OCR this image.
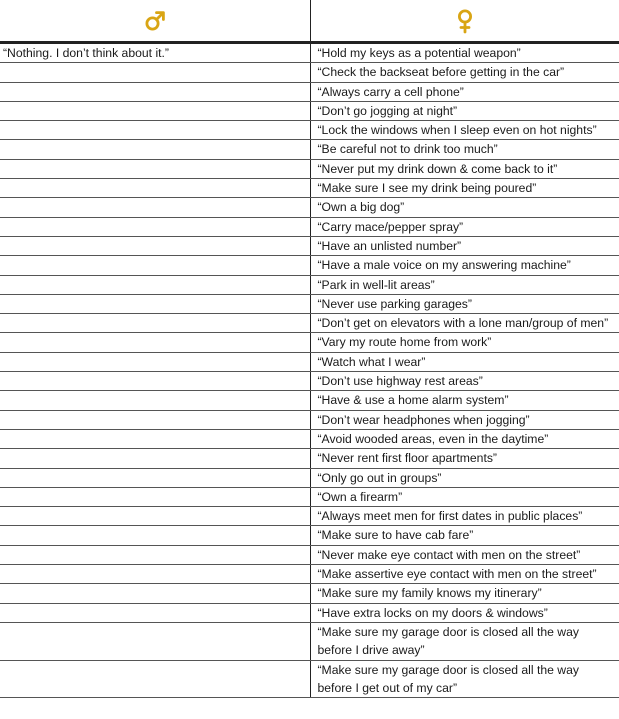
“Nothing. I don’t think about it.”	“Hold my keys as a potential weapon”
	“Check the backseat before getting in the car”
	“Always carry a cell phone”
	“Don’t go jogging at night”
	“Lock the windows when I sleep even on hot nights”
	“Be careful not to drink too much”
	“Never put my drink down & come back to it”
	“Make sure I see my drink being poured”
	“Own a big dog”
	“Carry mace/pepper spray”
	“Have an unlisted number”
	“Have a male voice on my answering machine”
	“Park in well-lit areas”
	“Never use parking garages”
	“Don’t get on elevators with a lone man/group of men”
	“Vary my route home from work”
	“Watch what I wear”
	“Don’t use highway rest areas”
	“Have & use a home alarm system”
	“Don’t wear headphones when jogging”
	“Avoid wooded areas, even in the daytime”
	“Never rent first floor apartments”
	“Only go out in groups”
	“Own a firearm”
	“Always meet men for first dates in public places”
	“Make sure to have cab fare”
	“Never make eye contact with men on the street”
	“Make assertive eye contact with men on the street”
	“Make sure my family knows my itinerary”
	“Have extra locks on my doors & windows”
	“Make sure my garage door is closed all the way before I drive away”
	“Make sure my garage door is closed all the way before I get out of my car”
